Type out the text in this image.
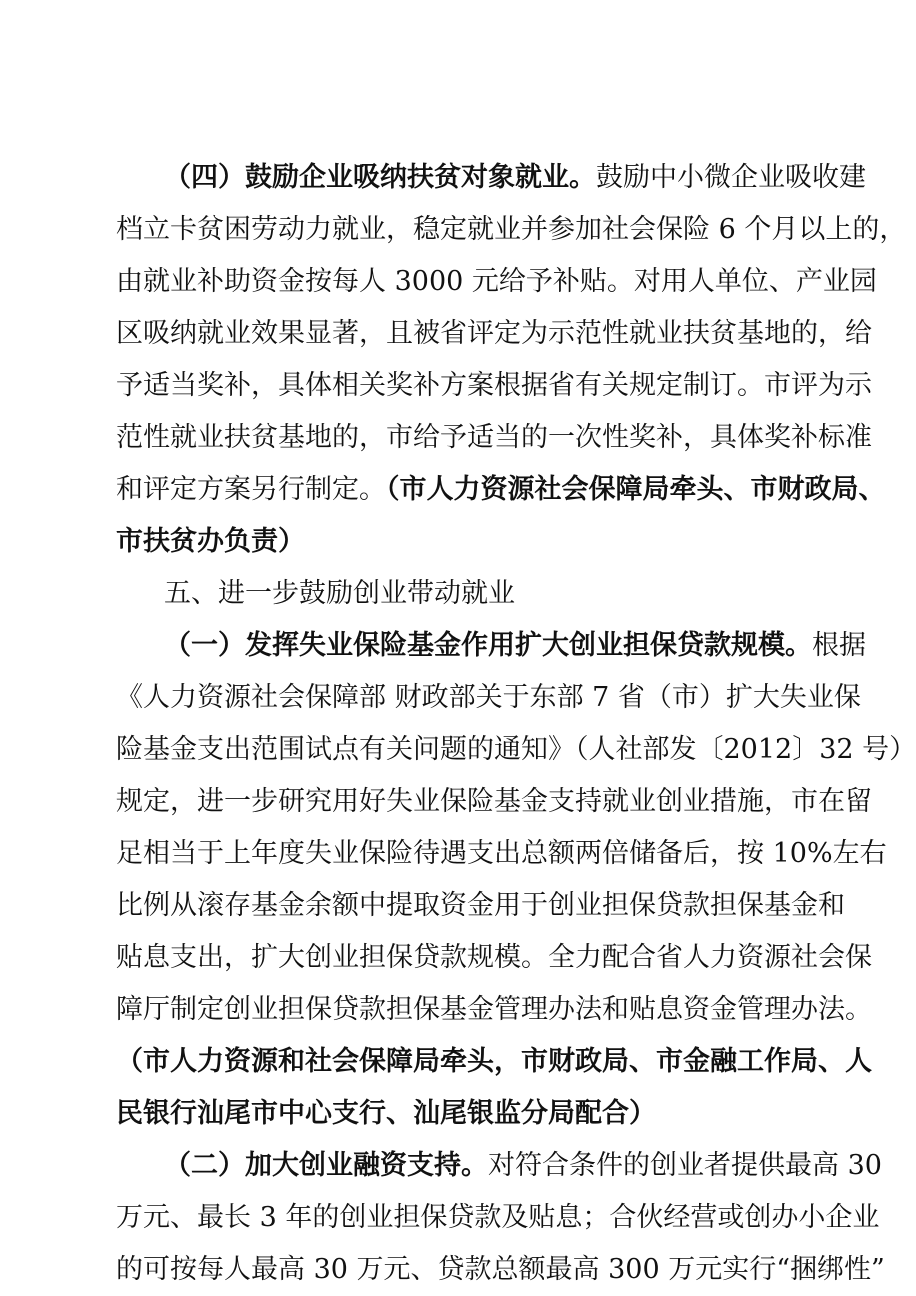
（四）鼓励企业吸纳扶贫对象就业。鼓励中小微企业吸收建
档立卡贫困劳动力就业，稳定就业并参加社会保险 6 个月以上的，
由就业补助资金按每人 3000 元给予补贴。对用人单位、产业园
区吸纳就业效果显著，且被省评定为示范性就业扶贫基地的，给
予适当奖补，具体相关奖补方案根据省有关规定制订。市评为示
范性就业扶贫基地的，市给予适当的一次性奖补，具体奖补标准
和评定方案另行制定。（市人力资源社会保障局牵头、市财政局、
市扶贫办负责）
五、进一步鼓励创业带动就业
（一）发挥失业保险基金作用扩大创业担保贷款规模。根据
《人力资源社会保障部 财政部关于东部 7 省（市）扩大失业保
险基金支出范围试点有关问题的通知》（人社部发〔2012〕32 号）
规定，进一步研究用好失业保险基金支持就业创业措施，市在留
足相当于上年度失业保险待遇支出总额两倍储备后，按 10%左右
比例从滚存基金余额中提取资金用于创业担保贷款担保基金和
贴息支出，扩大创业担保贷款规模。全力配合省人力资源社会保
障厅制定创业担保贷款担保基金管理办法和贴息资金管理办法。
（市人力资源和社会保障局牵头，市财政局、市金融工作局、人
民银行汕尾市中心支行、汕尾银监分局配合）
（二）加大创业融资支持。对符合条件的创业者提供最高 30
万元、最长 3 年的创业担保贷款及贴息；合伙经营或创办小企业
的可按每人最高 30 万元、贷款总额最高 300 万元实行“捆绑性”
